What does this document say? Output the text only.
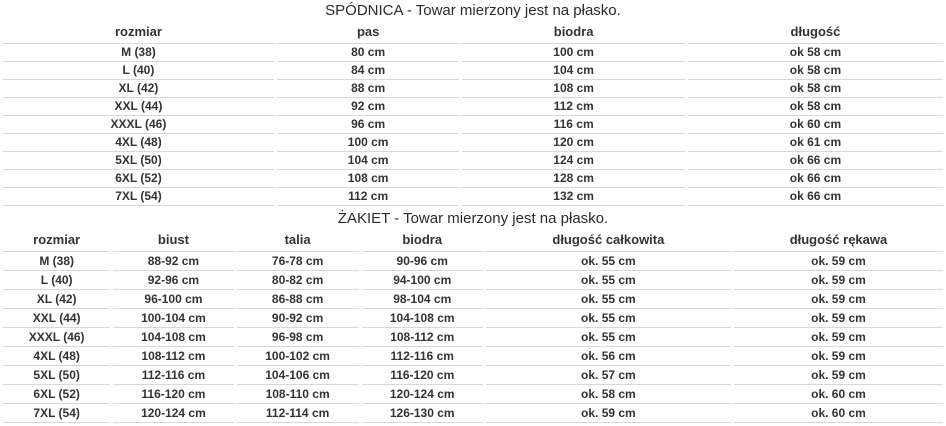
SPÓDNICA - Towar mierzony jest na płasko.

rozmiar	pas	biodra	długość
M (38)	80 cm	100 cm	ok 58 cm
L (40)	84 cm	104 cm	ok 58 cm
XL (42)	88 cm	108 cm	ok 58 cm
XXL (44)	92 cm	112 cm	ok 58 cm
XXXL (46)	96 cm	116 cm	ok 60 cm
4XL (48)	100 cm	120 cm	ok 61 cm
5XL (50)	104 cm	124 cm	ok 66 cm
6XL (52)	108 cm	128 cm	ok 66 cm
7XL (54)	112 cm	132 cm	ok 66 cm

ŻAKIET - Towar mierzony jest na płasko.

rozmiar	biust	talia	biodra	długość całkowita	długość rękawa
M (38)	88-92 cm	76-78 cm	90-96 cm	ok. 55 cm	ok. 59 cm
L (40)	92-96 cm	80-82 cm	94-100 cm	ok. 55 cm	ok. 59 cm
XL (42)	96-100 cm	86-88 cm	98-104 cm	ok. 55 cm	ok. 59 cm
XXL (44)	100-104 cm	90-92 cm	104-108 cm	ok. 55 cm	ok. 59 cm
XXXL (46)	104-108 cm	96-98 cm	108-112 cm	ok. 55 cm	ok. 59 cm
4XL (48)	108-112 cm	100-102 cm	112-116 cm	ok. 56 cm	ok. 59 cm
5XL (50)	112-116 cm	104-106 cm	116-120 cm	ok. 57 cm	ok. 59 cm
6XL (52)	116-120 cm	108-110 cm	120-124 cm	ok. 58 cm	ok. 60 cm
7XL (54)	120-124 cm	112-114 cm	126-130 cm	ok. 59 cm	ok. 60 cm
